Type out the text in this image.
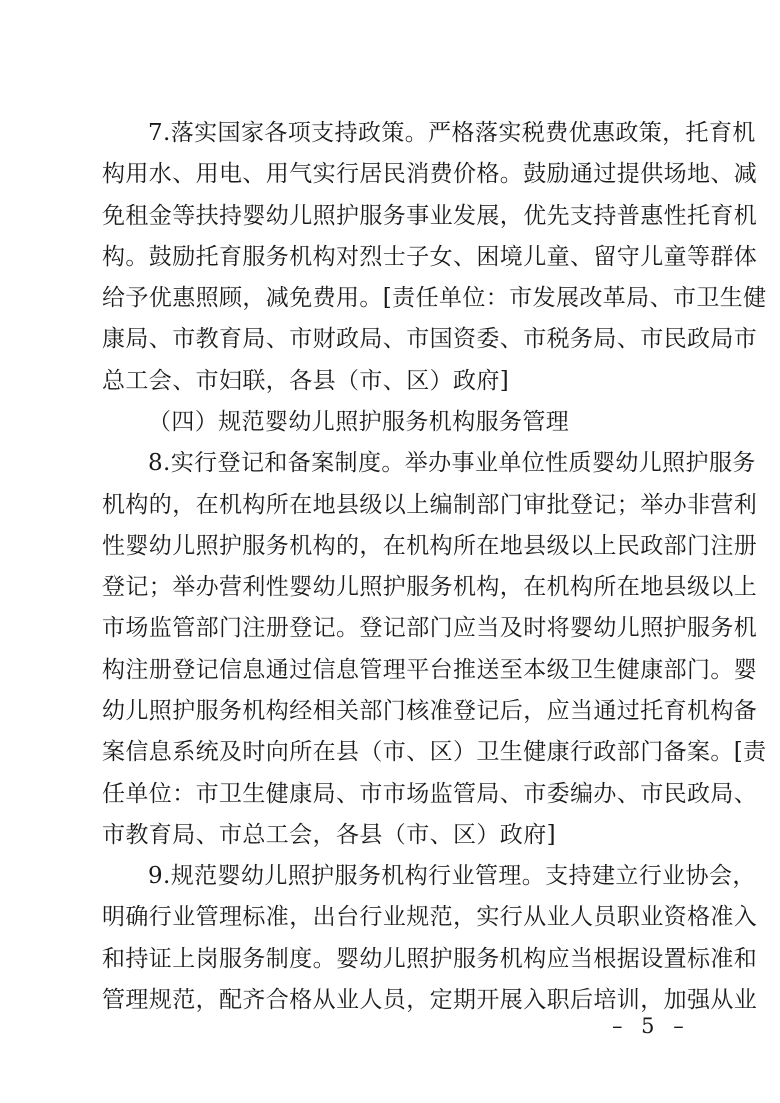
7.落实国家各项支持政策。严格落实税费优惠政策，托育机
构用水、用电、用气实行居民消费价格。鼓励通过提供场地、减
免租金等扶持婴幼儿照护服务事业发展，优先支持普惠性托育机
构。鼓励托育服务机构对烈士子女、困境儿童、留守儿童等群体
给予优惠照顾，减免费用。[责任单位：市发展改革局、市卫生健
康局、市教育局、市财政局、市国资委、市税务局、市民政局市
总工会、市妇联，各县（市、区）政府]
（四）规范婴幼儿照护服务机构服务管理
8.实行登记和备案制度。举办事业单位性质婴幼儿照护服务
机构的，在机构所在地县级以上编制部门审批登记；举办非营利
性婴幼儿照护服务机构的，在机构所在地县级以上民政部门注册
登记；举办营利性婴幼儿照护服务机构，在机构所在地县级以上
市场监管部门注册登记。登记部门应当及时将婴幼儿照护服务机
构注册登记信息通过信息管理平台推送至本级卫生健康部门。婴
幼儿照护服务机构经相关部门核准登记后，应当通过托育机构备
案信息系统及时向所在县（市、区）卫生健康行政部门备案。[责
任单位：市卫生健康局、市市场监管局、市委编办、市民政局、
市教育局、市总工会，各县（市、区）政府]
9.规范婴幼儿照护服务机构行业管理。支持建立行业协会，
– 5 –
明确行业管理标准，出台行业规范，实行从业人员职业资格准入
和持证上岗服务制度。婴幼儿照护服务机构应当根据设置标准和
管理规范，配齐合格从业人员，定期开展入职后培训，加强从业
